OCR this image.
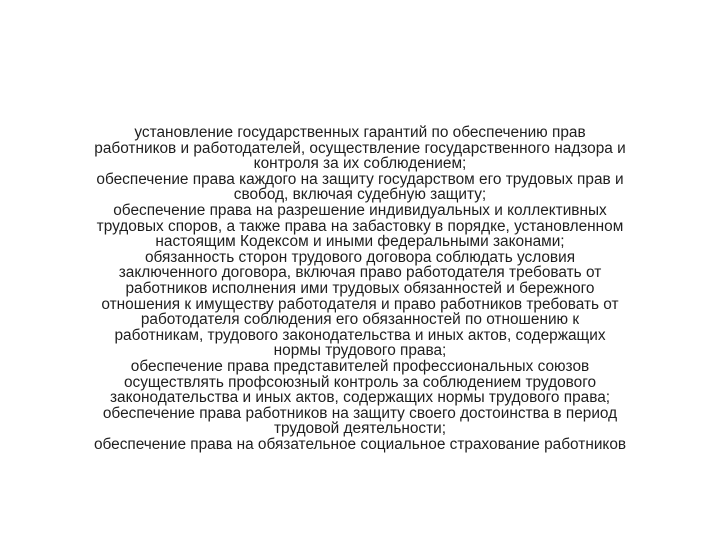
установление государственных гарантий по обеспечению прав
работников и работодателей, осуществление государственного надзора и
контроля за их соблюдением;
обеспечение права каждого на защиту государством его трудовых прав и
свобод, включая судебную защиту;
обеспечение права на разрешение индивидуальных и коллективных
трудовых споров, а также права на забастовку в порядке, установленном
настоящим Кодексом и иными федеральными законами;
обязанность сторон трудового договора соблюдать условия
заключенного договора, включая право работодателя требовать от
работников исполнения ими трудовых обязанностей и бережного
отношения к имуществу работодателя и право работников требовать от
работодателя соблюдения его обязанностей по отношению к
работникам, трудового законодательства и иных актов, содержащих
нормы трудового права;
обеспечение права представителей профессиональных союзов
осуществлять профсоюзный контроль за соблюдением трудового
законодательства и иных актов, содержащих нормы трудового права;
обеспечение права работников на защиту своего достоинства в период
трудовой деятельности;
обеспечение права на обязательное социальное страхование работников
